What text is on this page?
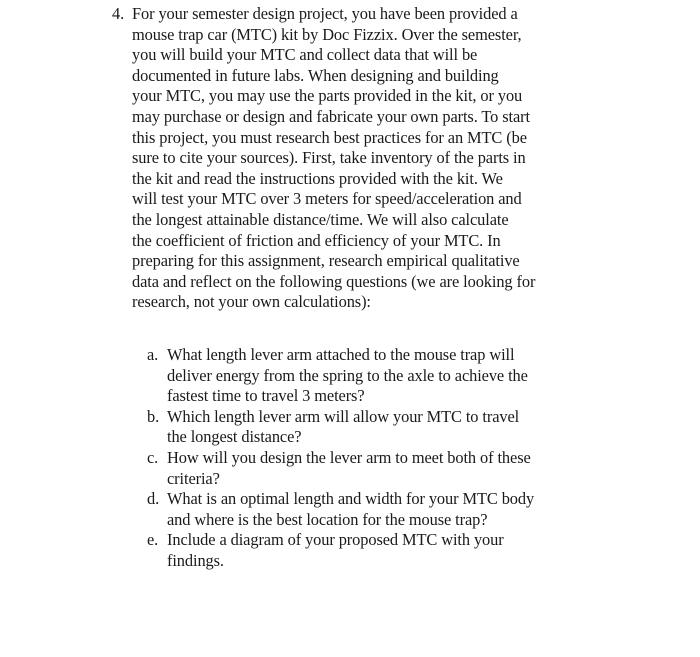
4. For your semester design project, you have been provided a
mouse trap car (MTC) kit by Doc Fizzix. Over the semester,
you will build your MTC and collect data that will be
documented in future labs. When designing and building
your MTC, you may use the parts provided in the kit, or you
may purchase or design and fabricate your own parts. To start
this project, you must research best practices for an MTC (be
sure to cite your sources). First, take inventory of the parts in
the kit and read the instructions provided with the kit. We
will test your MTC over 3 meters for speed/acceleration and
the longest attainable distance/time. We will also calculate
the coefficient of friction and efficiency of your MTC. In
preparing for this assignment, research empirical qualitative
data and reflect on the following questions (we are looking for
research, not your own calculations):
a. What length lever arm attached to the mouse trap will
deliver energy from the spring to the axle to achieve the
fastest time to travel 3 meters?
b. Which length lever arm will allow your MTC to travel
the longest distance?
c. How will you design the lever arm to meet both of these
criteria?
d. What is an optimal length and width for your MTC body
and where is the best location for the mouse trap?
e. Include a diagram of your proposed MTC with your
findings.
